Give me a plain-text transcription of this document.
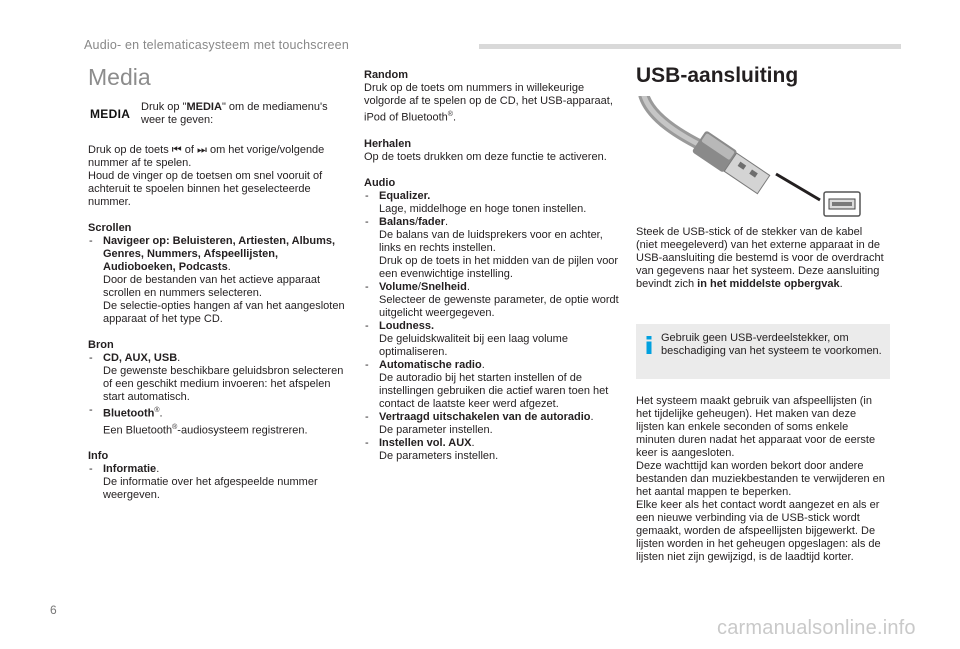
Audio- en telematicasysteem met touchscreen
Media
MEDIA Druk op "MEDIA" om de mediamenu's weer te geven:

Druk op de toets ⏮ of ⏭ om het vorige/volgende nummer af te spelen.
Houd de vinger op de toetsen om snel vooruit of achteruit te spoelen binnen het geselecteerde nummer.

Scrollen
- Navigeer op: Beluisteren, Artiesten, Albums, Genres, Nummers, Afspeellijsten, Audioboeken, Podcasts.
Door de bestanden van het actieve apparaat scrollen en nummers selecteren.
De selectie-opties hangen af van het aangesloten apparaat of het type CD.
Bron
- CD, AUX, USB.
De gewenste beschikbare geluidsbron selecteren of een geschikt medium invoeren: het afspelen start automatisch.
- Bluetooth®.
Een Bluetooth®-audiosysteem registreren.
Info
- Informatie.
De informatie over het afgespeelde nummer weergeven.
Random

Druk op de toets om nummers in willekeurige volgorde af te spelen op de CD, het USB-apparaat, iPod of Bluetooth®.

Herhalen

Op de toets drukken om deze functie te activeren.

Audio
- Equalizer.
Lage, middelhoge en hoge tonen instellen.
- Balans/fader.
De balans van de luidsprekers voor en achter, links en rechts instellen.
Druk op de toets in het midden van de pijlen voor een evenwichtige instelling.
- Volume/Snelheid.
Selecteer de gewenste parameter, de optie wordt uitgelicht weergegeven.
- Loudness.
De geluidskwaliteit bij een laag volume optimaliseren.
- Automatische radio.
De autoradio bij het starten instellen of de instellingen gebruiken die actief waren toen het contact de laatste keer werd afgezet.
- Vertraagd uitschakelen van de autoradio.
De parameter instellen.
- Instellen vol. AUX.
De parameters instellen.
USB-aansluiting

Steek de USB-stick of de stekker van de kabel (niet meegeleverd) van het externe apparaat in de USB-aansluiting die bestemd is voor de overdracht van gegevens naar het systeem. Deze aansluiting bevindt zich in het middelste opbergvak.

Gebruik geen USB-verdeelstekker, om beschadiging van het systeem te voorkomen.

Het systeem maakt gebruik van afspeellijsten (in het tijdelijke geheugen). Het maken van deze lijsten kan enkele seconden of soms enkele minuten duren nadat het apparaat voor de eerste keer is aangesloten.

Deze wachttijd kan worden bekort door andere bestanden dan muziekbestanden te verwijderen en het aantal mappen te beperken.

Elke keer als het contact wordt aangezet en als er een nieuwe verbinding via de USB-stick wordt gemaakt, worden de afspeellijsten bijgewerkt. De lijsten worden in het geheugen opgeslagen: als de lijsten niet zijn gewijzigd, is de laadtijd korter.

6
carmanualsonline.info
